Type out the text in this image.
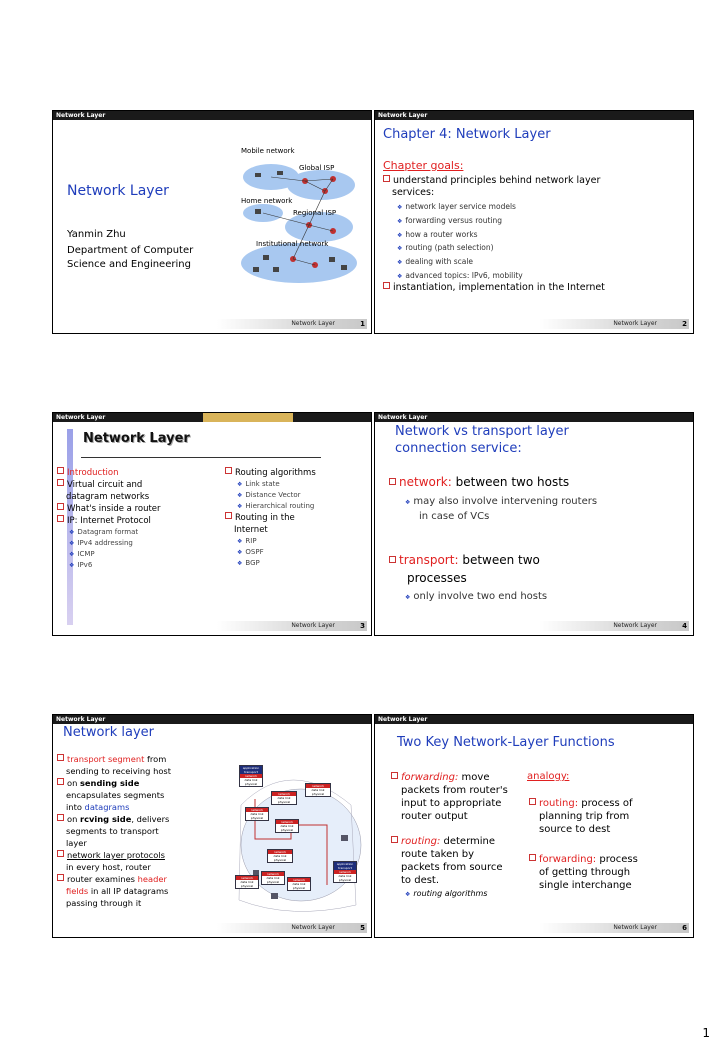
Network Layer
Network Layer
Yanmin Zhu
Department of Computer
Science and Engineering
Mobile network
Global ISP
Home network
Regional ISP
Institutional network
Network Layer	1
Network Layer
Chapter 4: Network Layer
Chapter goals:
understand principles behind network layer
services:
❖ network layer service models
❖ forwarding versus routing
❖ how a router works
❖ routing (path selection)
❖ dealing with scale
❖ advanced topics: IPv6, mobility
instantiation, implementation in the Internet
Network Layer	2
Network Layer
Introduction
Network Layer
Introduction
Virtual circuit and
datagram networks
What's inside a router
IP: Internet Protocol
❖ Datagram format
❖ IPv4 addressing
❖ ICMP
❖ IPv6
Routing algorithms
❖ Link state
❖ Distance Vector
❖ Hierarchical routing
Routing in the
Internet
❖ RIP
❖ OSPF
❖ BGP
Network Layer	3
Network Layer
Network vs transport layer
connection service:
network: between two hosts
❖ may also involve intervening routers
in case of VCs
transport: between two
processes
❖ only involve two end hosts
Network Layer	4
Network Layer
Network layer
transport segment from
sending to receiving host
on sending side
encapsulates segments
into datagrams
on rcving side, delivers
segments to transport
layer
network layer protocols
in every host, router
router examines header
fields in all IP datagrams
passing through it
application
transport
network
data link
physical
network
data link
physical
network
data link
physical
network
data link
physical
network
data link
physical
network
data link
physical
network
data link
physical
network
data link
physical	network
data link
physical
application
transport
network
data link
physical
Network Layer	5
Network Layer
Two Key Network-Layer Functions
forwarding: move
packets from router's
input to appropriate
router output
routing: determine
route taken by
packets from source
to dest.
❖ routing algorithms
analogy:
routing: process of
planning trip from
source to dest
forwarding: process
of getting through
single interchange
Network Layer	6
1
